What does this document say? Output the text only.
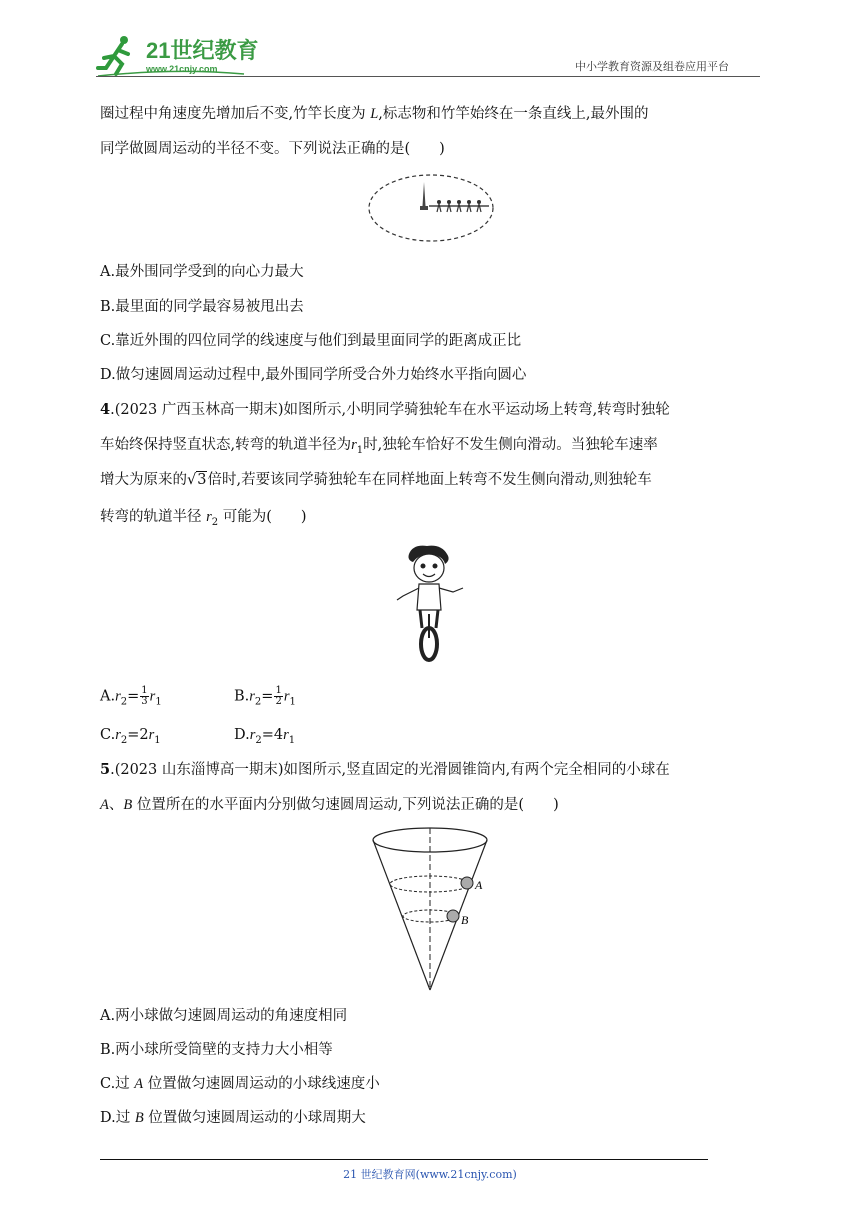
21世纪教育
www.21cnjy.com	中小学教育资源及组卷应用平台
圈过程中角速度先增加后不变,竹竿长度为 L,标志物和竹竿始终在一条直线上,最外围的
同学做圆周运动的半径不变。下列说法正确的是(　　)
A.最外围同学受到的向心力最大
B.最里面的同学最容易被甩出去
C.靠近外围的四位同学的线速度与他们到最里面同学的距离成正比
D.做匀速圆周运动过程中,最外围同学所受合外力始终水平指向圆心
4.(2023 广西玉林高一期末)如图所示,小明同学骑独轮车在水平运动场上转弯,转弯时独轮
车始终保持竖直状态,转弯的轨道半径为$r_1$时,独轮车恰好不发生侧向滑动。当独轮车速率
增大为原来的√3倍时,若要该同学骑独轮车在同样地面上转弯不发生侧向滑动,则独轮车
转弯的轨道半径 $r_2$ 可能为(　　)
$A.r_2= \frac{1}{3} r_1$	$B.r_2= \frac{1}{2} r_1$
$C.r_2=2r_1$	$D.r_2=4r_1$
5.(2023 山东淄博高一期末)如图所示,竖直固定的光滑圆锥筒内,有两个完全相同的小球在
A、B 位置所在的水平面内分别做匀速圆周运动,下列说法正确的是(　　)
A
B
A.两小球做匀速圆周运动的角速度相同
B.两小球所受筒壁的支持力大小相等
C.过 A 位置做匀速圆周运动的小球线速度小
D.过 B 位置做匀速圆周运动的小球周期大
21 世纪教育网(www.21cnjy.com)
